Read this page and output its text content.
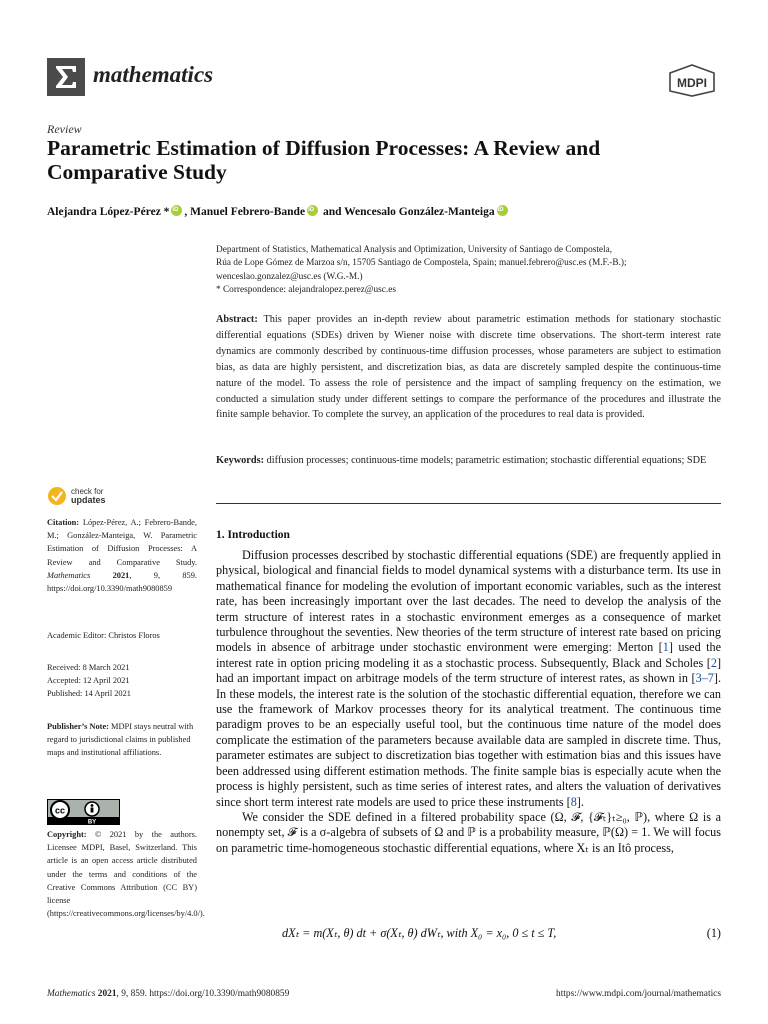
mathematics	MDPI
Review
Parametric Estimation of Diffusion Processes: A Review and Comparative Study
Alejandra López-Pérez *iD , Manuel Febrero-BandeiD and Wencesalo González-ManteigaiD
Department of Statistics, Mathematical Analysis and Optimization, University of Santiago de Compostela,
Rúa de Lope Gómez de Marzoa s/n, 15705 Santiago de Compostela, Spain; manuel.febrero@usc.es (M.F.-B.);
wenceslao.gonzalez@usc.es (W.G.-M.)
* Correspondence: alejandralopez.perez@usc.es
Abstract: This paper provides an in-depth review about parametric estimation methods for stationary stochastic differential equations (SDEs) driven by Wiener noise with discrete time observations. The short-term interest rate dynamics are commonly described by continuous-time diffusion processes, whose parameters are subject to estimation bias, as data are highly persistent, and discretization bias, as data are discretely sampled despite the continuous-time nature of the model. To assess the role of persistence and the impact of sampling frequency on the estimation, we conducted a simulation study under different settings to compare the performance of the procedures and illustrate the finite sample behavior. To complete the survey, an application of the procedures to real data is provided.
Keywords: diffusion processes; continuous-time models; parametric estimation; stochastic differential equations; SDE
check for
updates
Citation: López-Pérez, A.; Febrero-Bande, M.; González-Manteiga, W. Parametric Estimation of Diffusion Processes: A Review and Comparative Study. Mathematics	2021, 9, 859. https://doi.org/10.3390/math9080859
Academic Editor: Christos Floros
Received: 8 March 2021
Accepted: 12 April 2021
Published: 14 April 2021
Publisher’s Note: MDPI stays neutral with regard to jurisdictional claims in published maps and institutional affiliations.
cc
BY
Copyright: © 2021 by the authors. Licensee MDPI, Basel, Switzerland. This article is an open access article distributed under the terms and conditions of the Creative Commons Attribution (CC BY) license (https://creativecommons.org/licenses/by/4.0/).
1. Introduction

Diffusion processes described by stochastic differential equations (SDE) are frequently applied in physical, biological and financial fields to model dynamical systems with a disturbance term. Its use in mathematical finance for modeling the evolution of important economic variables, such as the interest rate, has been increasingly important over the last decades. The need to develop the analysis of the term structure of interest rates in a stochastic environment emerges as a consequence of market turbulence throughout the seventies. New theories of the term structure of interest rate based on pricing models in absence of arbitrage under stochastic environment were emerging: Merton [1] used the interest rate in option pricing modeling it as a stochastic process. Subsequently, Black and Scholes [2] had an important impact on arbitrage models of the term structure of interest rates, as shown in [3–7]. In these models, the interest rate is the solution of the stochastic differential equation, therefore we can use the framework of Markov processes theory for its analytical treatment. The continuous time paradigm proves to be an especially useful tool, but the continuous time nature of the model does complicate the estimation of the parameters because available data are sampled in discrete time. Thus, parameter estimates are subject to discretization bias together with estimation bias and this issues have been addressed using different estimation methods. The finite sample bias is especially acute when the process is highly persistent, such as time series of interest rates, and alters the valuation of derivatives since short term interest rate models are used to price these instruments [8].

We consider the SDE defined in a filtered probability space (Ω, 𝓕, {𝓕ₜ}ₜ≥₀, ℙ), where Ω is a nonempty set, 𝓕 is a σ-algebra of subsets of Ω and ℙ is a probability measure, ℙ(Ω) = 1. We will focus on parametric time-homogeneous stochastic differential equations, where Xₜ is an Itô process,

dXₜ = m(Xₜ, θ) dt + σ(Xₜ, θ) dWₜ, with X₀ = x₀, 0 ≤ t ≤ T,	(1)
Mathematics 2021, 9, 859. https://doi.org/10.3390/math9080859	https://www.mdpi.com/journal/mathematics
